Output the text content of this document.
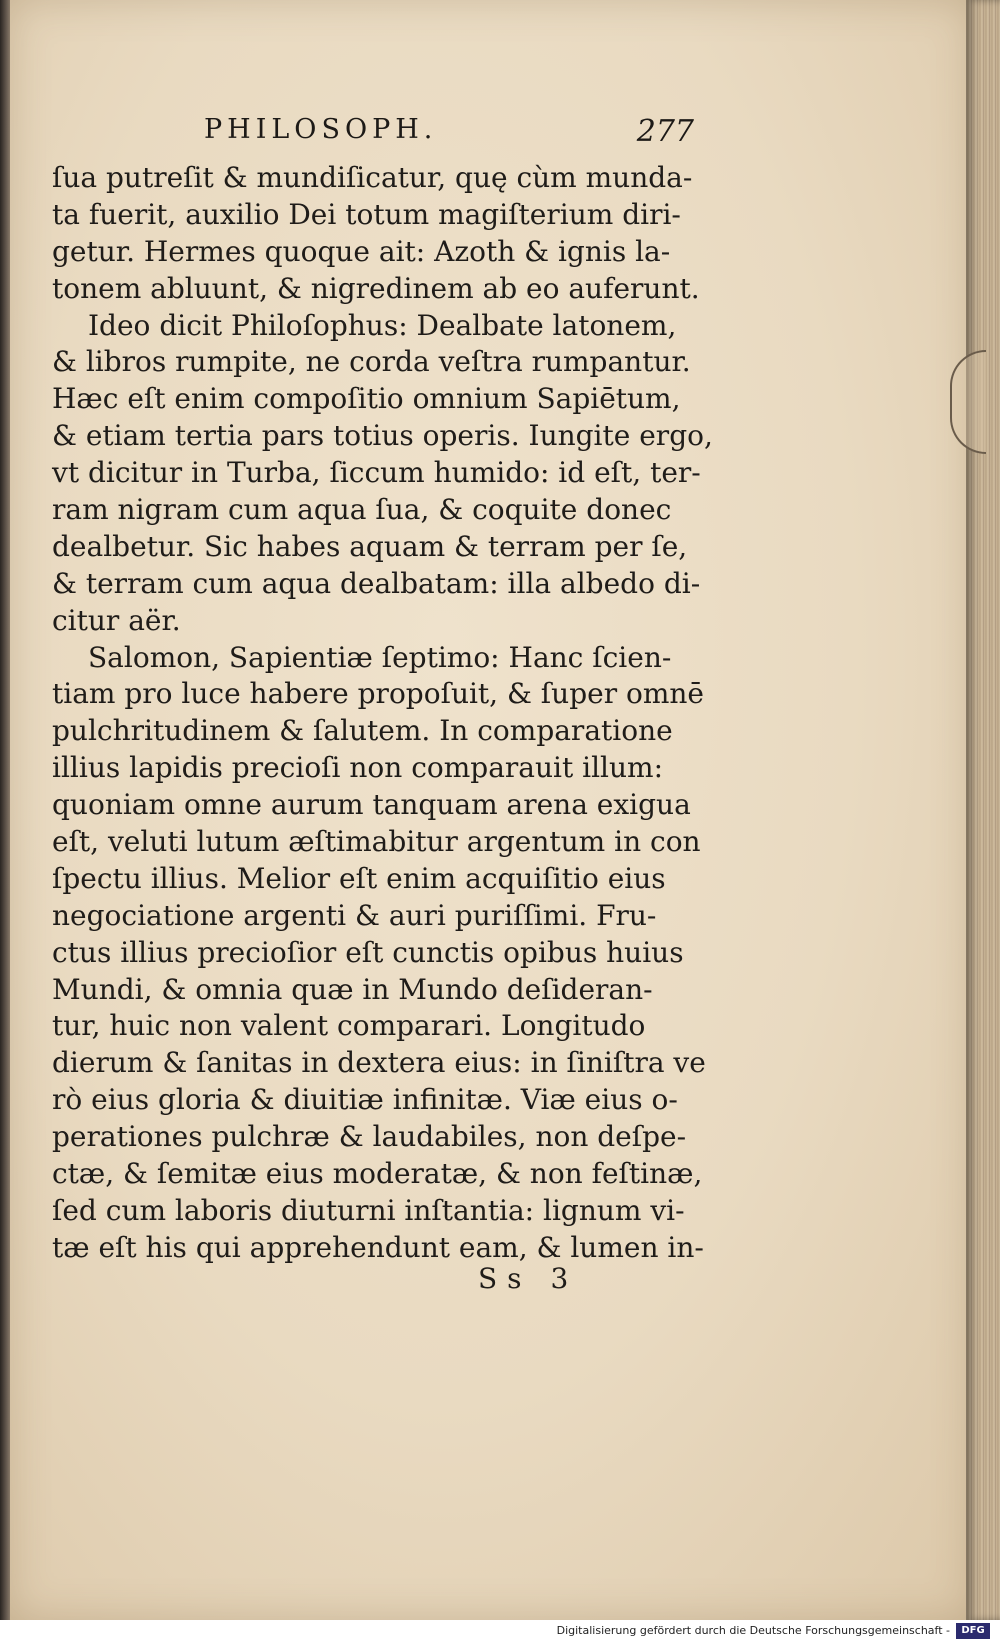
PHILOSOPH.	277
ſua putreſit & mundiſicatur, quę cùm munda-
ta fuerit, auxilio Dei totum magiſterium diri-
getur. Hermes quoque ait: Azoth & ignis la-
tonem abluunt, & nigredinem ab eo auferunt.
Ideo dicit Philoſophus: Dealbate latonem,
& libros rumpite, ne corda veſtra rumpantur.
Hæc eſt enim compoſitio omnium Sapiētum,
& etiam tertia pars totius operis. Iungite ergo,
vt dicitur in Turba, ſiccum humido: id eſt, ter-
ram nigram cum aqua ſua, & coquite donec
dealbetur. Sic habes aquam & terram per ſe,
& terram cum aqua dealbatam: illa albedo di-
citur aër.
Salomon, Sapientiæ ſeptimo: Hanc ſcien-
tiam pro luce habere propoſuit, & ſuper omnē
pulchritudinem & ſalutem. In comparatione
illius lapidis precioſi non comparauit illum:
quoniam omne aurum tanquam arena exigua
eſt, veluti lutum æſtimabitur argentum in con
ſpectu illius. Melior eſt enim acquiſitio eius
negociatione argenti & auri puriſſimi. Fru-
ctus illius precioſior eſt cunctis opibus huius
Mundi, & omnia quæ in Mundo deſideran-
tur, huic non valent comparari. Longitudo
dierum & ſanitas in dextera eius: in ſiniſtra ve
rò eius gloria & diuitiæ infinitæ. Viæ eius o-
perationes pulchræ & laudabiles, non deſpe-
ctæ, & ſemitæ eius moderatæ, & non feſtinæ,
ſed cum laboris diuturni inſtantia: lignum vi-
tæ eſt his qui apprehendunt eam, & lumen in-
Ss 3
Digitalisierung gefördert durch die Deutsche Forschungsgemeinschaft -	DFG
